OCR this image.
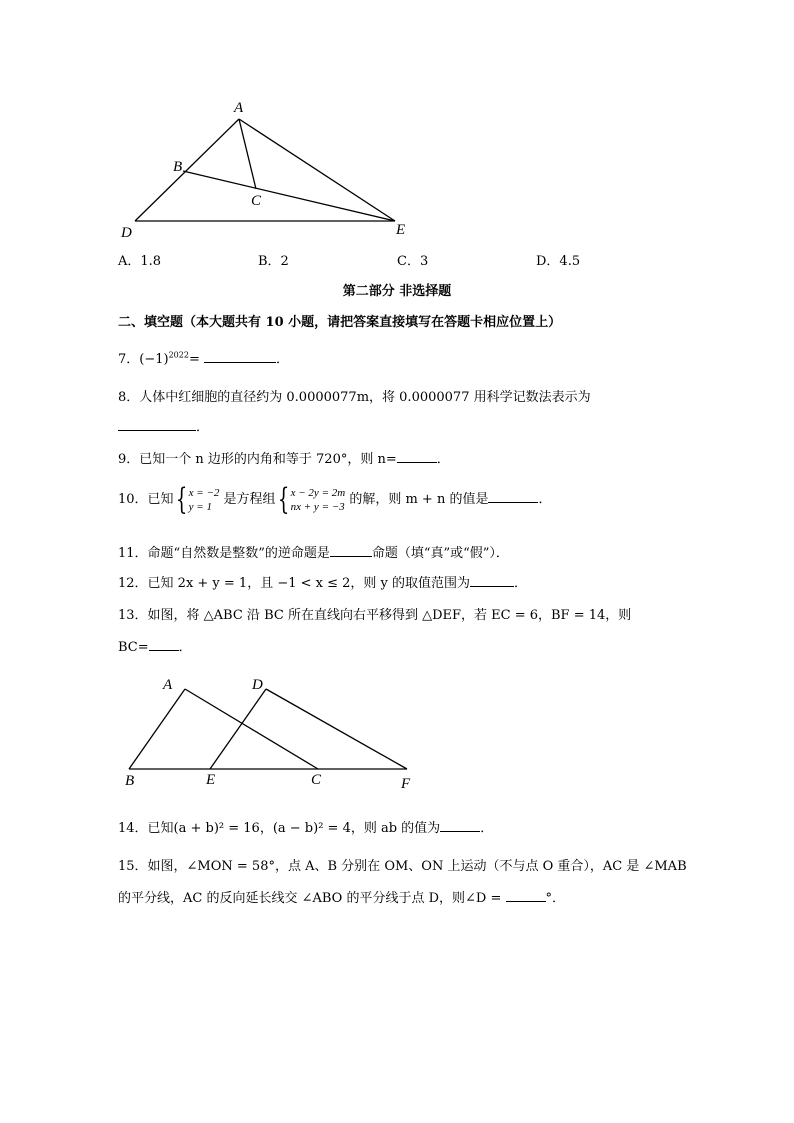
A
B
C
D	E
A．1.8	B．2	C．3	D．4.5
第二部分 非选择题
二、填空题（本大题共有 10 小题，请把答案直接填写在答题卡相应位置上）
7．$(-1)^{2022}=$	．
8．人体中红细胞的直径约为 0.0000077m，将 0.0000077 用科学记数法表示为
．
9．已知一个 n 边形的内角和等于 720°，则 n=	．
10．已知{ x = −2
y = 1 是方程组{ x − 2y = 2m
nx + y = −3 的解，则 m + n 的值是	．
11．命题“自然数是整数”的逆命题是	命题（填“真”或“假”）．
12．已知 2x + y = 1，且 −1 < x ≤ 2，则 y 的取值范围为	．
13．如图，将 △ABC 沿 BC 所在直线向右平移得到 △DEF，若 EC = 6，BF = 14，则
BC= ．
A	D
B	E	C	F
14．已知(a + b)² = 16，(a − b)² = 4，则 ab 的值为	．
15．如图，∠MON = 58°，点 A、B 分别在 OM、ON 上运动（不与点 O 重合），AC 是 ∠MAB
的平分线，AC 的反向延长线交 ∠ABO 的平分线于点 D，则∠D =	°．
